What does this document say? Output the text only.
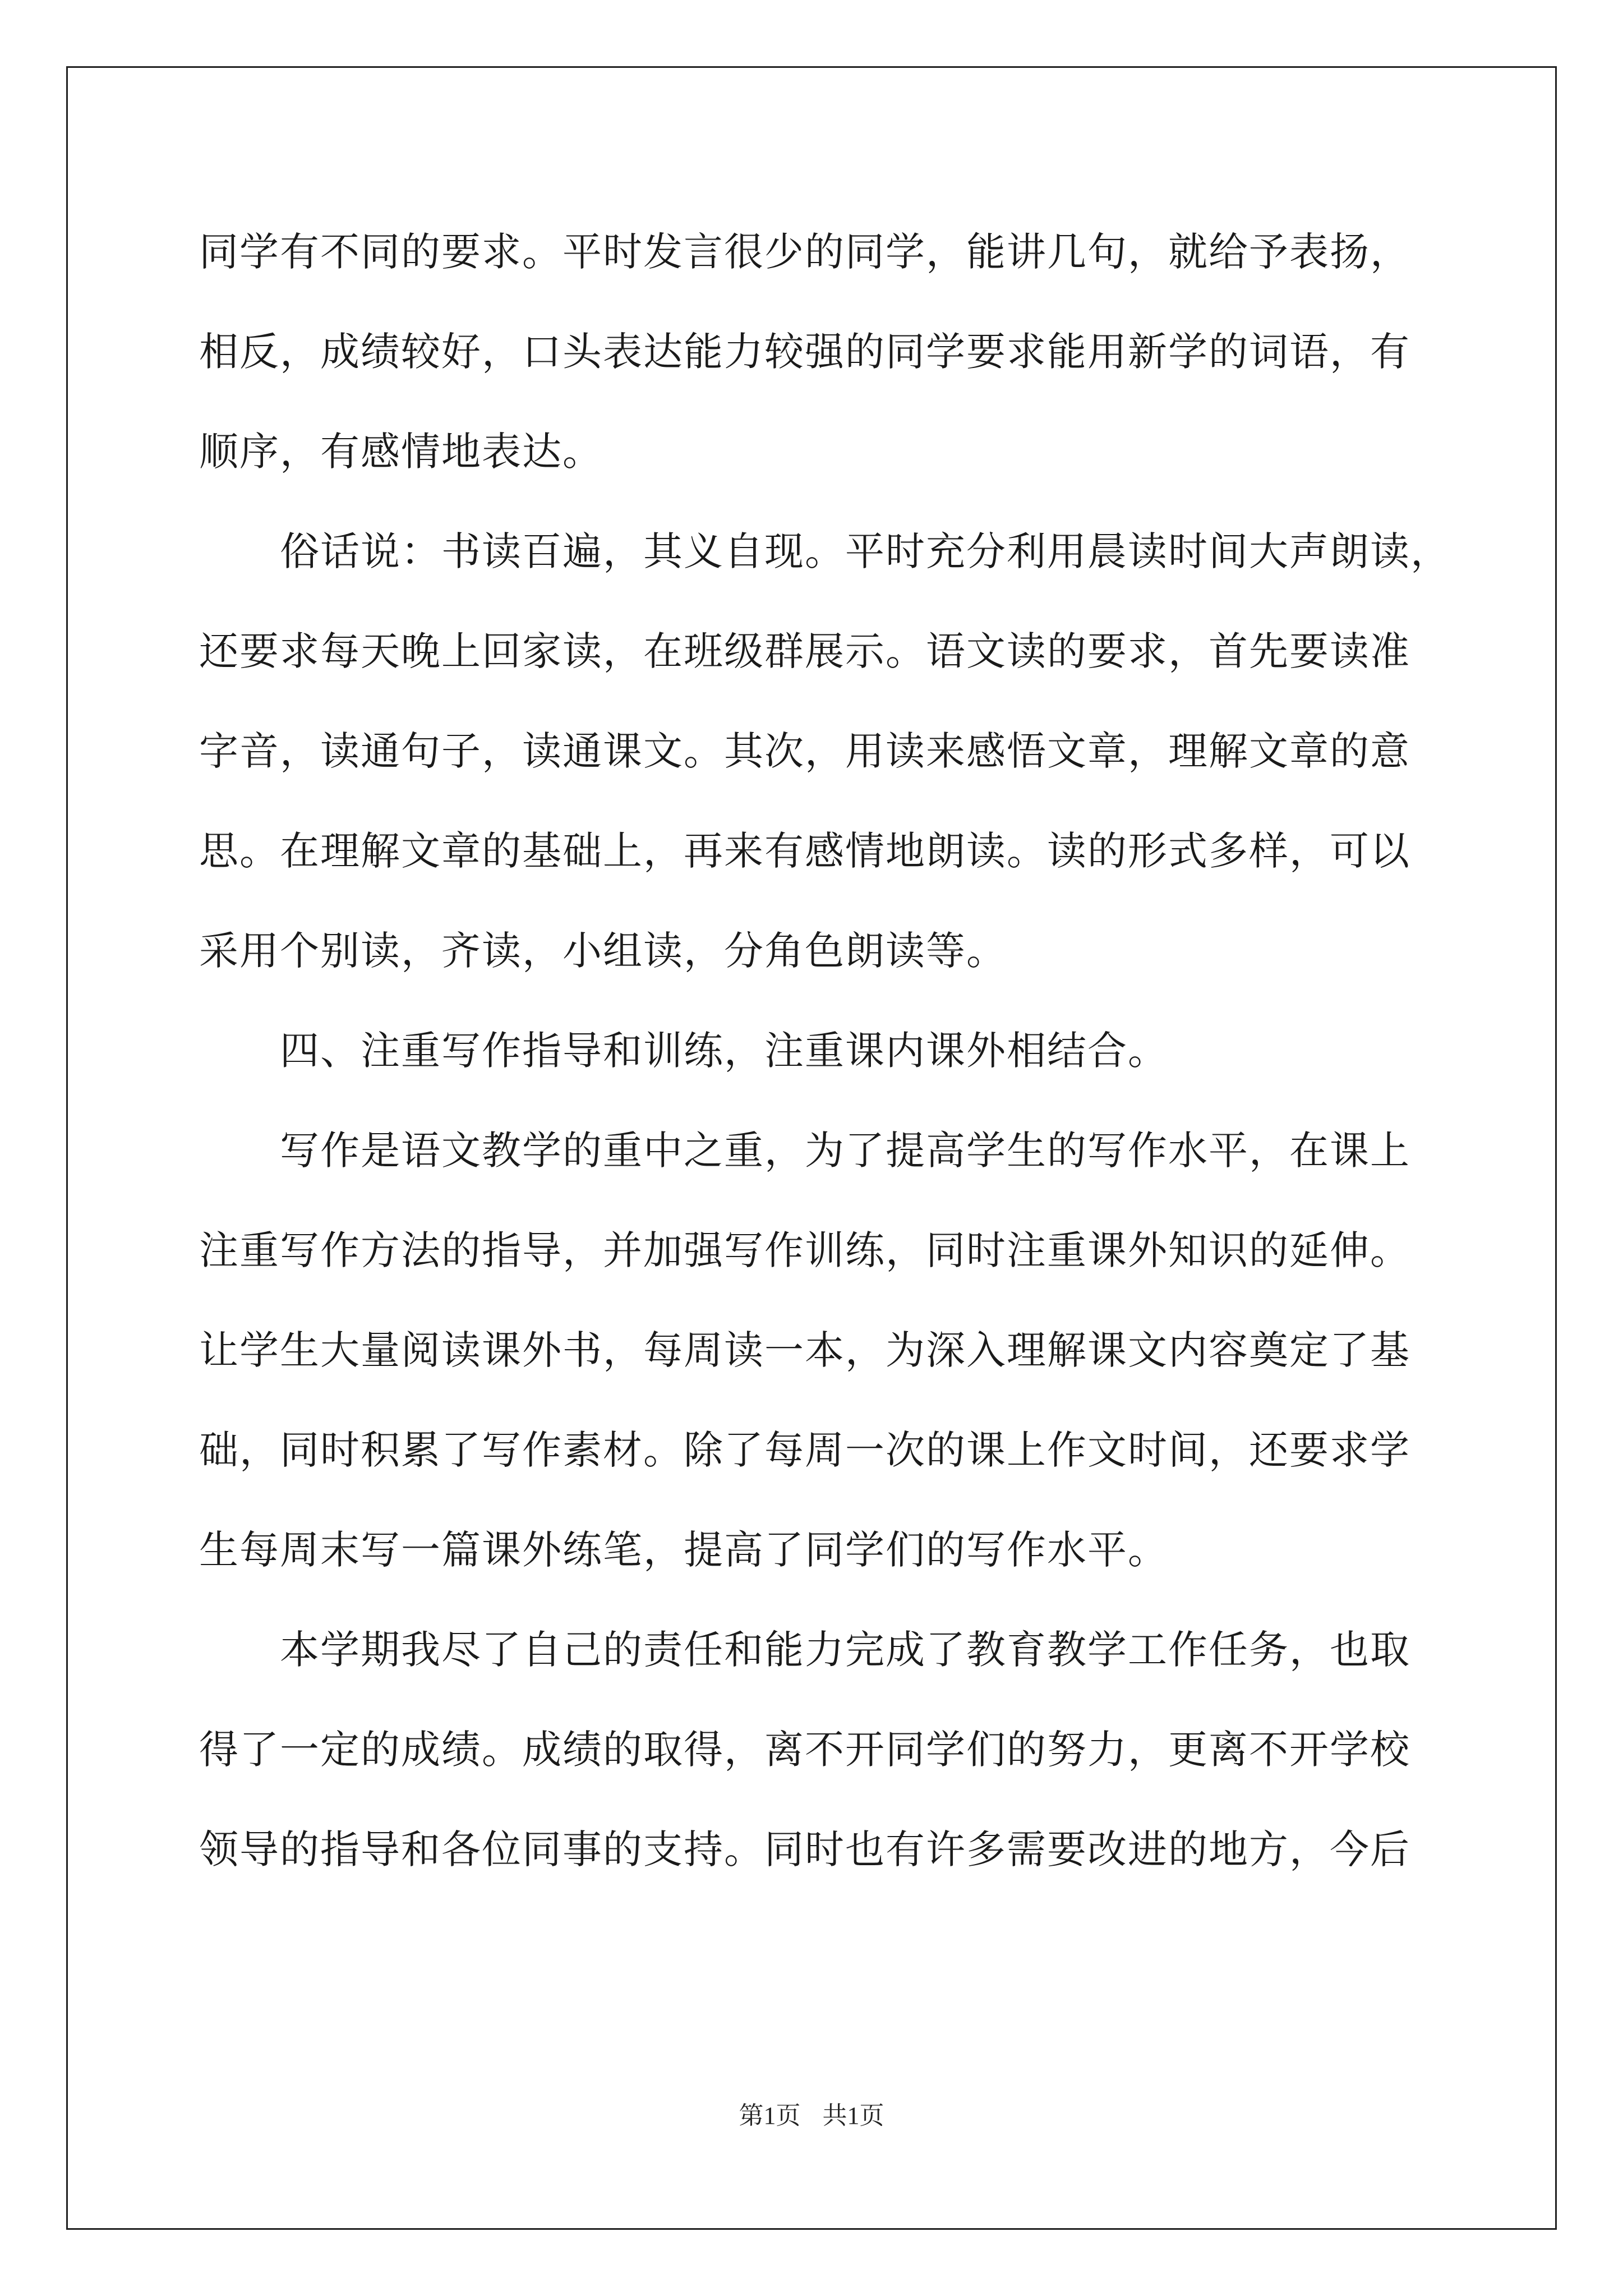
同学有不同的要求。平时发言很少的同学，能讲几句，就给予表扬，
相反，成绩较好，口头表达能力较强的同学要求能用新学的词语，有
顺序，有感情地表达。
俗话说：书读百遍，其义自现。平时充分利用晨读时间大声朗读，
还要求每天晚上回家读，在班级群展示。语文读的要求，首先要读准
字音，读通句子，读通课文。其次，用读来感悟文章，理解文章的意
思。在理解文章的基础上，再来有感情地朗读。读的形式多样，可以
采用个别读，齐读，小组读，分角色朗读等。
四、注重写作指导和训练，注重课内课外相结合。
写作是语文教学的重中之重，为了提高学生的写作水平，在课上
注重写作方法的指导，并加强写作训练，同时注重课外知识的延伸。
让学生大量阅读课外书，每周读一本，为深入理解课文内容奠定了基
础，同时积累了写作素材。除了每周一次的课上作文时间，还要求学
生每周末写一篇课外练笔，提高了同学们的写作水平。
本学期我尽了自己的责任和能力完成了教育教学工作任务，也取
得了一定的成绩。成绩的取得，离不开同学们的努力，更离不开学校
领导的指导和各位同事的支持。同时也有许多需要改进的地方，今后
第1页 共1页
